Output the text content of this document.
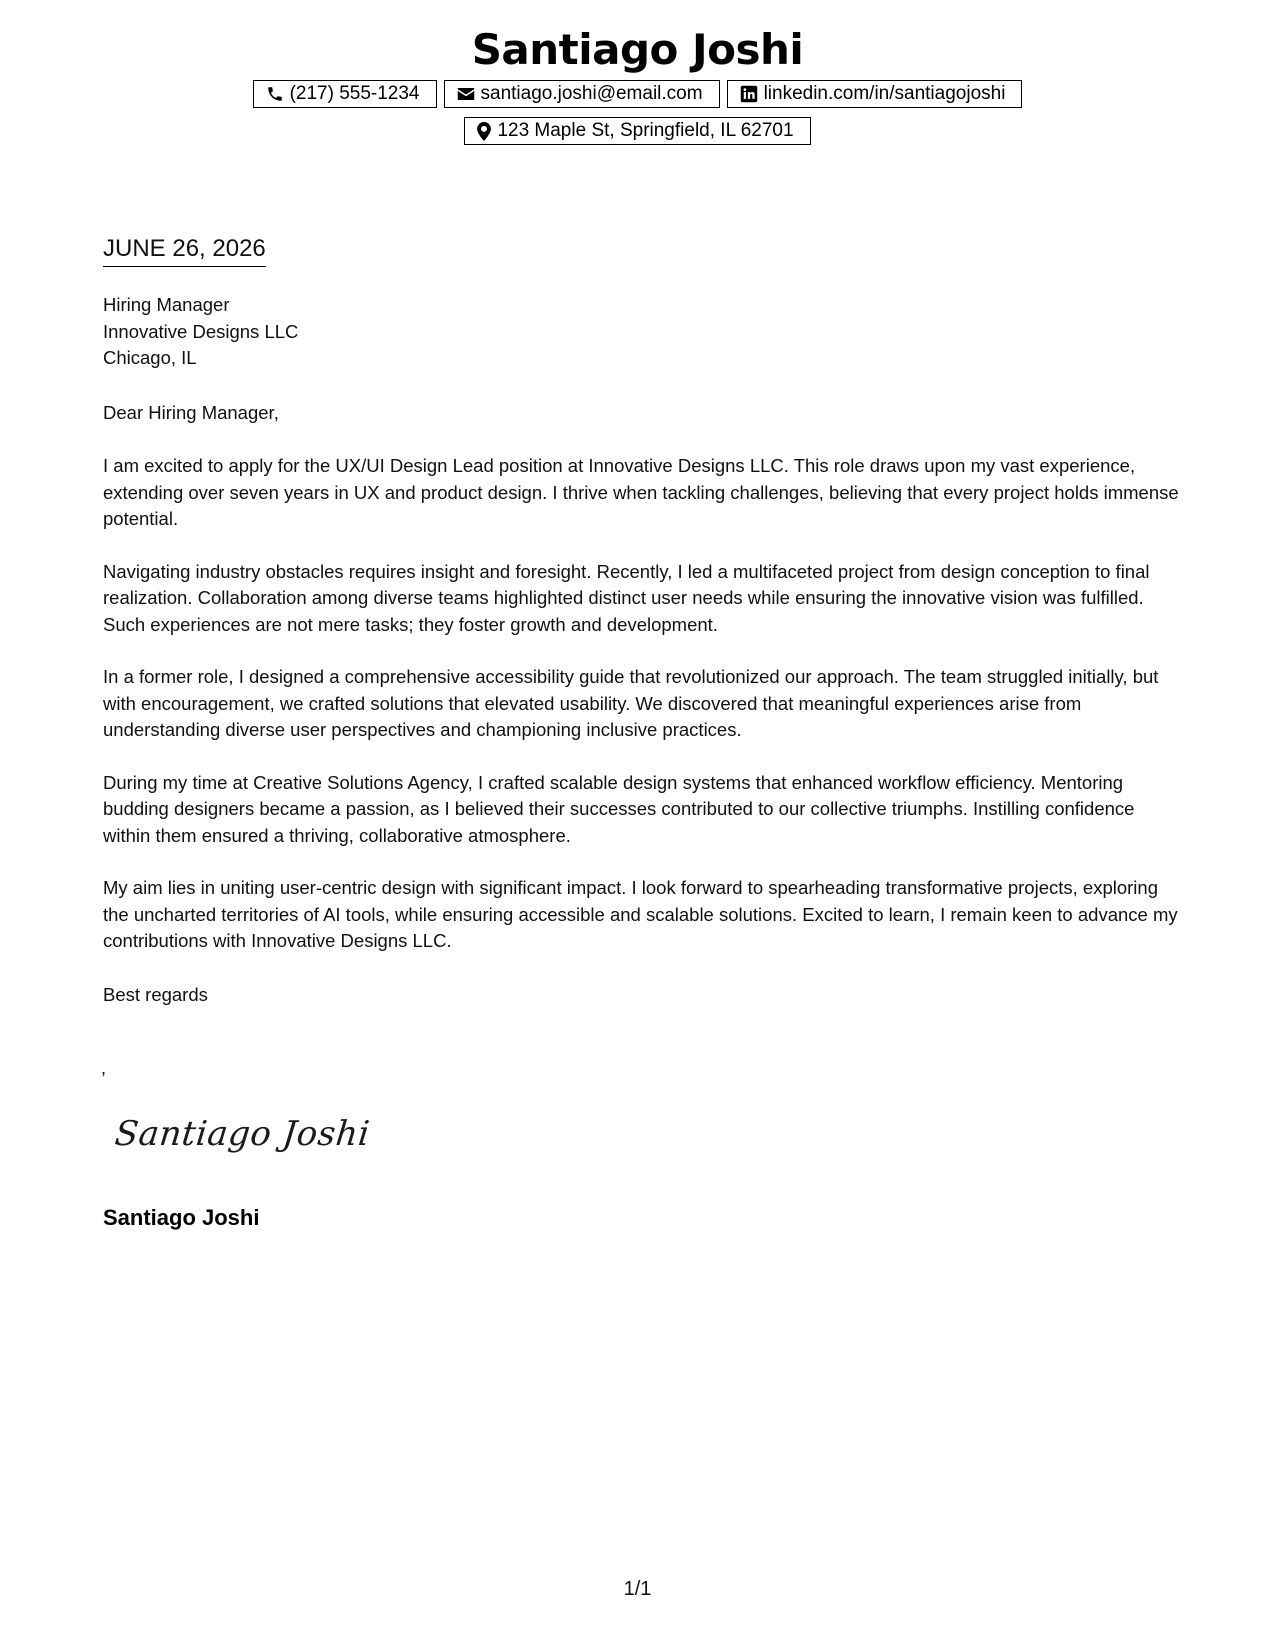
Santiago Joshi
(217) 555-1234	santiago.joshi@email.com	linkedin.com/in/santiagojoshi
123 Maple St, Springfield, IL 62701
JUNE 26, 2026
Hiring Manager
Innovative Designs LLC
Chicago, IL
Dear Hiring Manager,

I am excited to apply for the UX/UI Design Lead position at Innovative Designs LLC. This role draws upon my vast experience, extending over seven years in UX and product design. I thrive when tackling challenges, believing that every project holds immense potential.

Navigating industry obstacles requires insight and foresight. Recently, I led a multifaceted project from design conception to final realization. Collaboration among diverse teams highlighted distinct user needs while ensuring the innovative vision was fulfilled. Such experiences are not mere tasks; they foster growth and development.

In a former role, I designed a comprehensive accessibility guide that revolutionized our approach. The team struggled initially, but with encouragement, we crafted solutions that elevated usability. We discovered that meaningful experiences arise from understanding diverse user perspectives and championing inclusive practices.

During my time at Creative Solutions Agency, I crafted scalable design systems that enhanced workflow efficiency. Mentoring budding designers became a passion, as I believed their successes contributed to our collective triumphs. Instilling confidence within them ensured a thriving, collaborative atmosphere.

My aim lies in uniting user-centric design with significant impact. I look forward to spearheading transformative projects, exploring the uncharted territories of AI tools, while ensuring accessible and scalable solutions. Excited to learn, I remain keen to advance my contributions with Innovative Designs LLC.

Best regards
,
Santiago Joshi
Santiago Joshi
1/1
